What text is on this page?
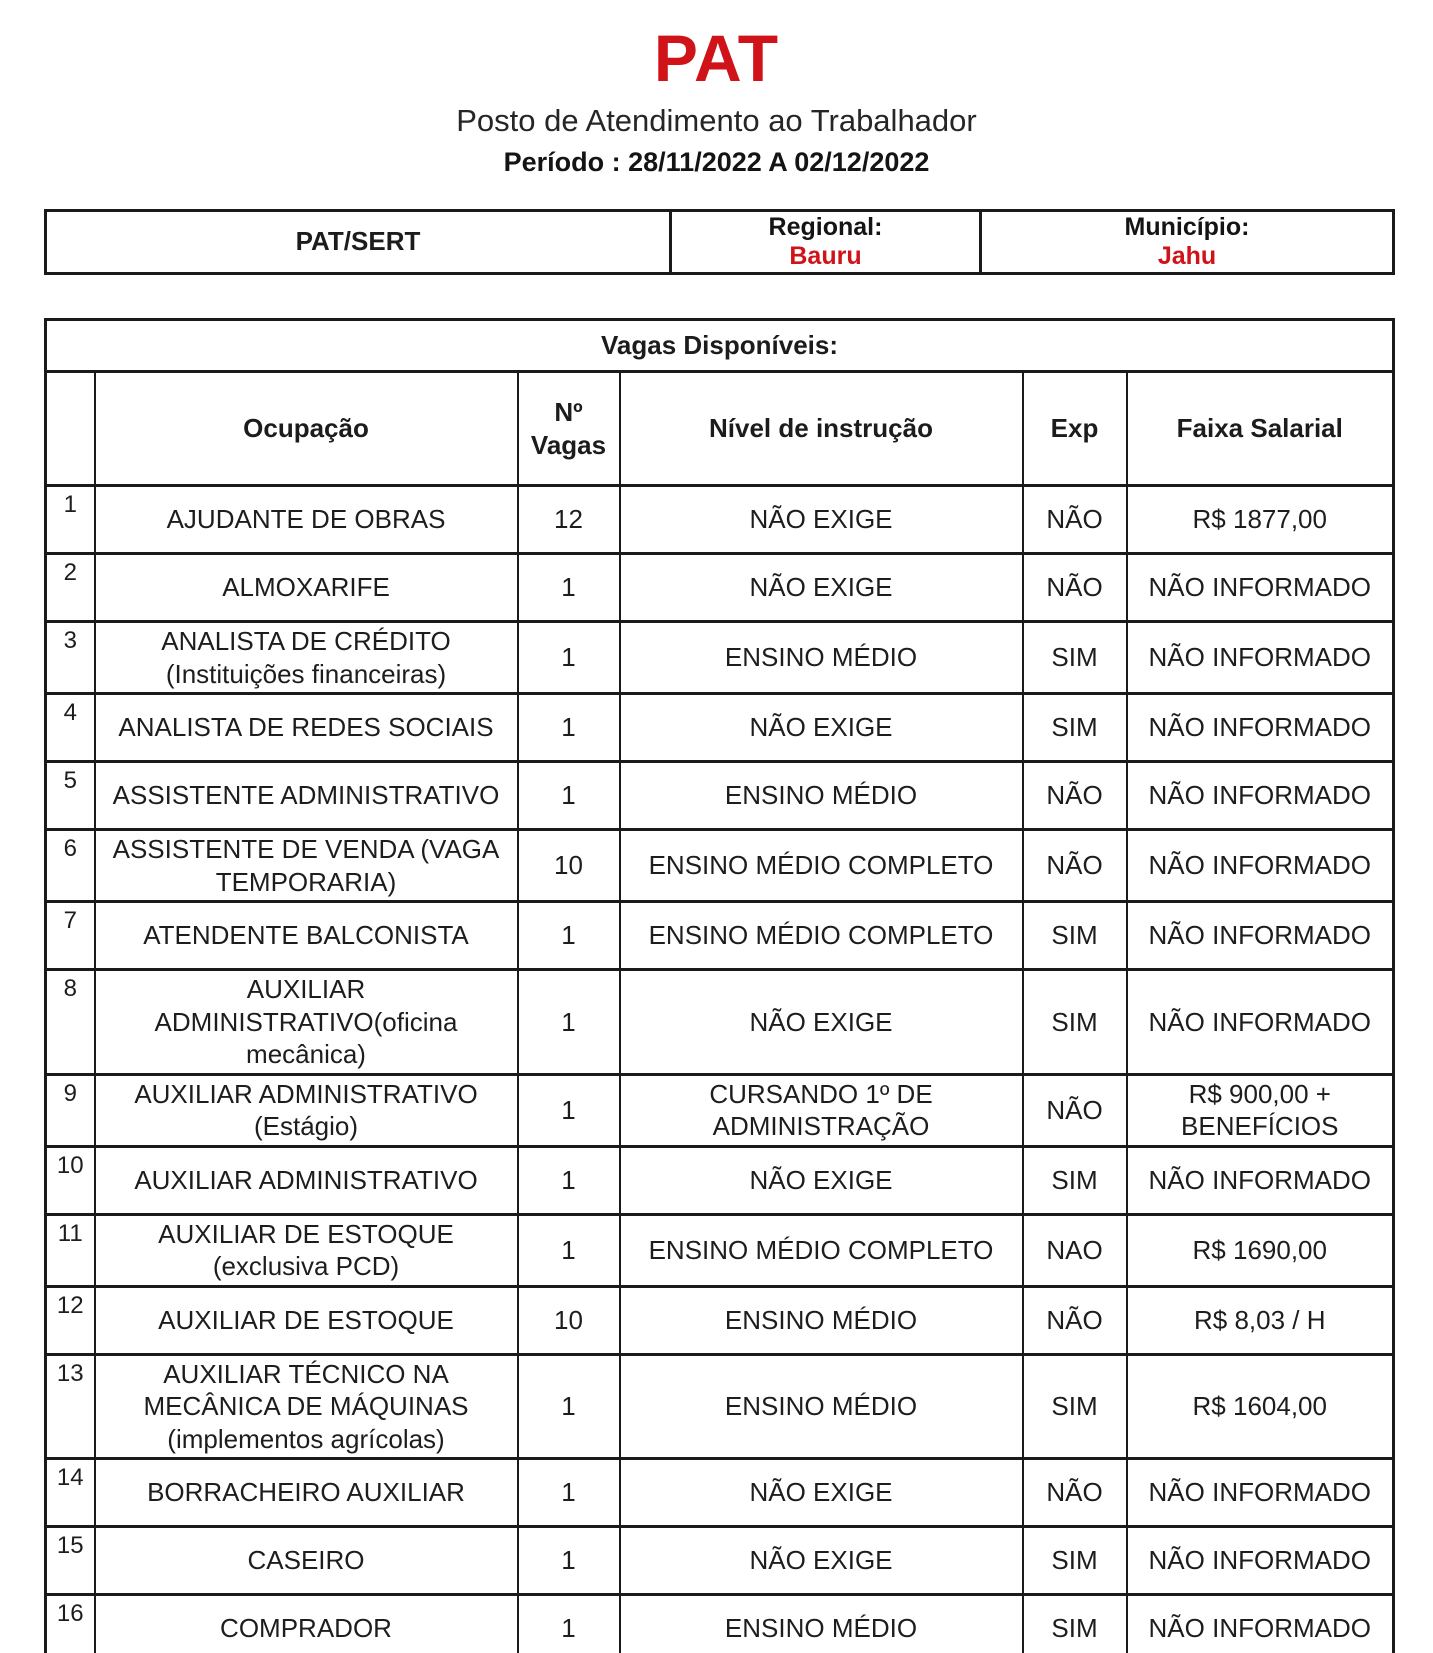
PAT
Posto de Atendimento ao Trabalhador
Período : 28/11/2022 A 02/12/2022
PAT/SERT	Regional:
Bauru

Município:
Jahu
Vagas Disponíveis:					
	Ocupação	Nº Vagas	Nível de instrução	Exp	Faixa Salarial
1	AJUDANTE DE OBRAS	12	NÃO EXIGE	NÃO	R$ 1877,00
2	ALMOXARIFE	1	NÃO EXIGE	NÃO	NÃO INFORMADO
3	ANALISTA DE CRÉDITO (Instituições financeiras)	1	ENSINO MÉDIO	SIM	NÃO INFORMADO
4	ANALISTA DE REDES SOCIAIS	1	NÃO EXIGE	SIM	NÃO INFORMADO
5	ASSISTENTE ADMINISTRATIVO	1	ENSINO MÉDIO	NÃO	NÃO INFORMADO
6	ASSISTENTE DE VENDA (VAGA TEMPORARIA)	10	ENSINO MÉDIO COMPLETO	NÃO	NÃO INFORMADO
7	ATENDENTE BALCONISTA	1	ENSINO MÉDIO COMPLETO	SIM	NÃO INFORMADO
8	AUXILIAR ADMINISTRATIVO(oficina mecânica)	1	NÃO EXIGE	SIM	NÃO INFORMADO
9	AUXILIAR ADMINISTRATIVO (Estágio)	1	CURSANDO 1º DE ADMINISTRAÇÃO	NÃO	R$ 900,00 + BENEFÍCIOS
10	AUXILIAR ADMINISTRATIVO	1	NÃO EXIGE	SIM	NÃO INFORMADO
11	AUXILIAR DE ESTOQUE (exclusiva PCD)	1	ENSINO MÉDIO COMPLETO	NAO	R$ 1690,00
12	AUXILIAR DE ESTOQUE	10	ENSINO MÉDIO	NÃO	R$ 8,03 / H
13	AUXILIAR TÉCNICO NA MECÂNICA DE MÁQUINAS (implementos agrícolas)	1	ENSINO MÉDIO	SIM	R$ 1604,00
14	BORRACHEIRO AUXILIAR	1	NÃO EXIGE	NÃO	NÃO INFORMADO
15	CASEIRO	1	NÃO EXIGE	SIM	NÃO INFORMADO
16	COMPRADOR	1	ENSINO MÉDIO	SIM	NÃO INFORMADO
